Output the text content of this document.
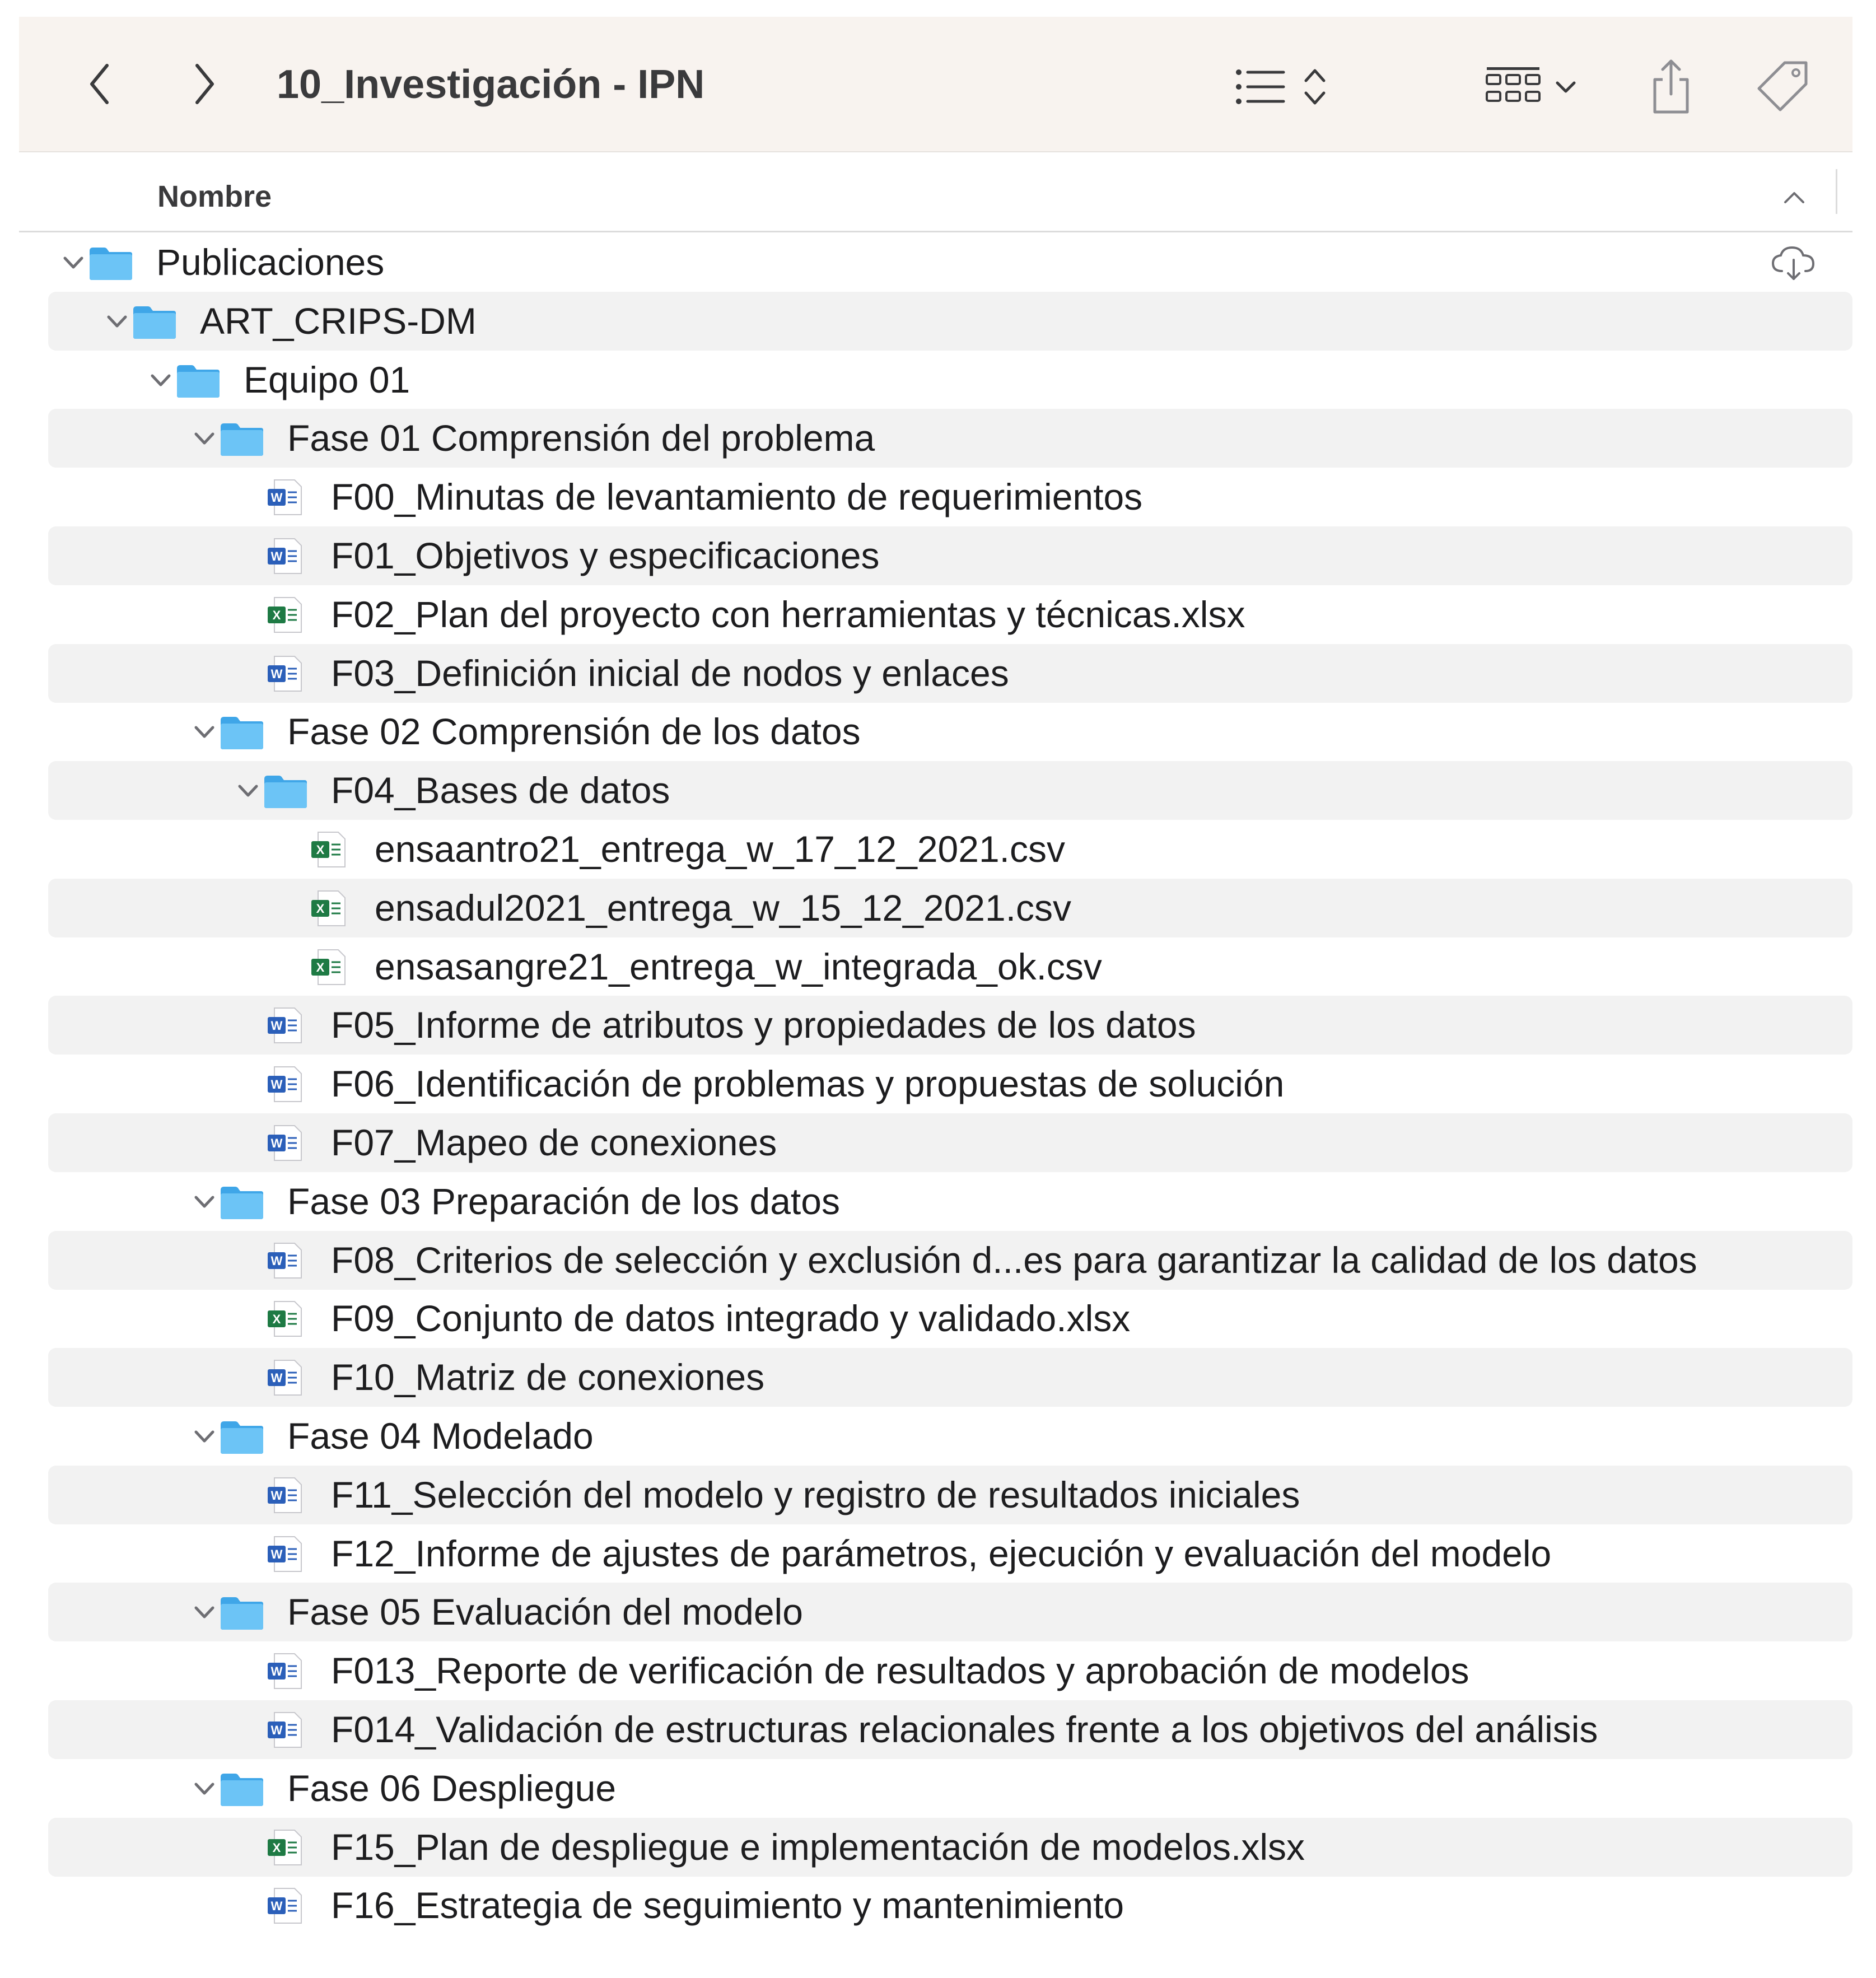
10_Investigación - IPN
Nombre
Publicaciones
ART_CRIPS-DM
Equipo 01
Fase 01 Comprensión del problema
W F00_Minutas de levantamiento de requerimientos
W F01_Objetivos y especificaciones
X F02_Plan del proyecto con herramientas y técnicas.xlsx
W F03_Definición inicial de nodos y enlaces
Fase 02 Comprensión de los datos
F04_Bases de datos
X ensaantro21_entrega_w_17_12_2021.csv
X ensadul2021_entrega_w_15_12_2021.csv
X ensasangre21_entrega_w_integrada_ok.csv
W F05_Informe de atributos y propiedades de los datos
W F06_Identificación de problemas y propuestas de solución
W F07_Mapeo de conexiones
Fase 03 Preparación de los datos
W F08_Criterios de selección y exclusión d...es para garantizar la calidad de los datos
X F09_Conjunto de datos integrado y validado.xlsx
W F10_Matriz de conexiones
Fase 04 Modelado
W F11_Selección del modelo y registro de resultados iniciales
W F12_Informe de ajustes de parámetros, ejecución y evaluación del modelo
Fase 05 Evaluación del modelo
W F013_Reporte de verificación de resultados y aprobación de modelos
W F014_Validación de estructuras relacionales frente a los objetivos del análisis
Fase 06 Despliegue
X F15_Plan de despliegue e implementación de modelos.xlsx
W F16_Estrategia de seguimiento y mantenimiento
